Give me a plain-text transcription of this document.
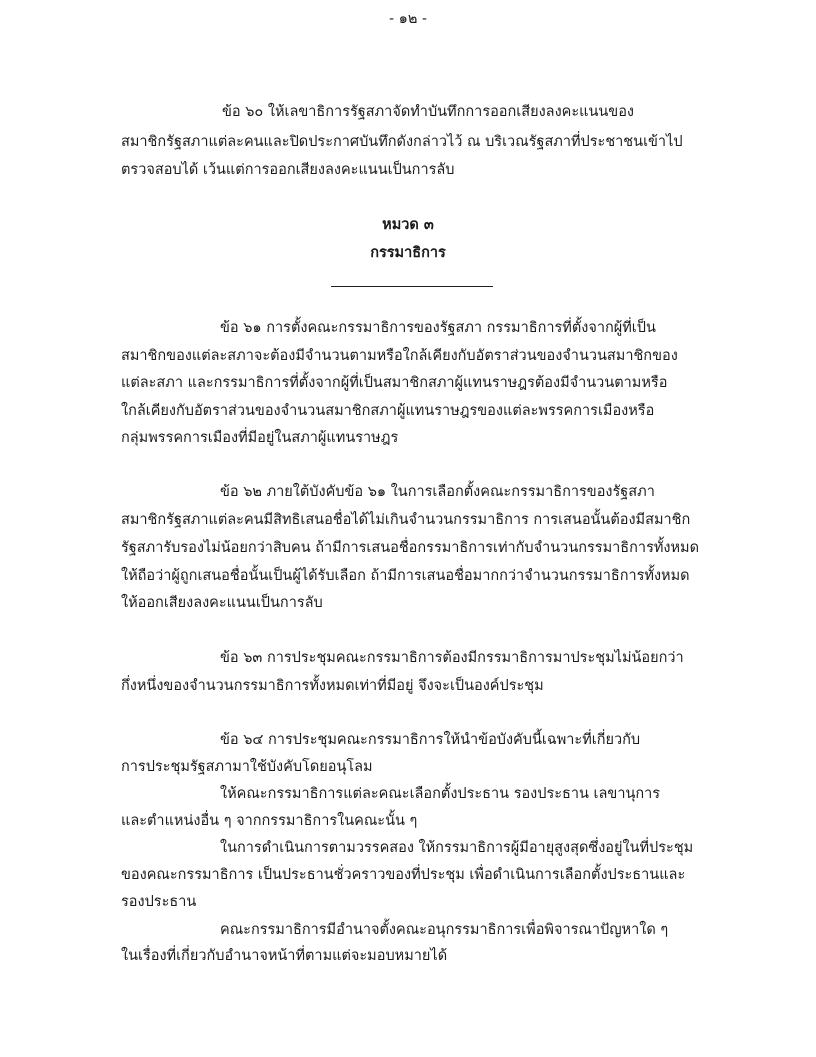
- ๑๒ -
ข้อ ๖๐ ให้เลขาธิการรัฐสภาจัดทำบันทึกการออกเสียงลงคะแนนของ
สมาชิกรัฐสภาแต่ละคนและปิดประกาศบันทึกดังกล่าวไว้ ณ บริเวณรัฐสภาที่ประชาชนเข้าไป
ตรวจสอบได้ เว้นแต่การออกเสียงลงคะแนนเป็นการลับ
หมวด ๓
กรรมาธิการ
ข้อ ๖๑ การตั้งคณะกรรมาธิการของรัฐสภา กรรมาธิการที่ตั้งจากผู้ที่เป็น
สมาชิกของแต่ละสภาจะต้องมีจำนวนตามหรือใกล้เคียงกับอัตราส่วนของจำนวนสมาชิกของ
แต่ละสภา และกรรมาธิการที่ตั้งจากผู้ที่เป็นสมาชิกสภาผู้แทนราษฎรต้องมีจำนวนตามหรือ
ใกล้เคียงกับอัตราส่วนของจำนวนสมาชิกสภาผู้แทนราษฎรของแต่ละพรรคการเมืองหรือ
กลุ่มพรรคการเมืองที่มีอยู่ในสภาผู้แทนราษฎร
ข้อ ๖๒ ภายใต้บังคับข้อ ๖๑ ในการเลือกตั้งคณะกรรมาธิการของรัฐสภา
สมาชิกรัฐสภาแต่ละคนมีสิทธิเสนอชื่อได้ไม่เกินจำนวนกรรมาธิการ การเสนอนั้นต้องมีสมาชิก
รัฐสภารับรองไม่น้อยกว่าสิบคน ถ้ามีการเสนอชื่อกรรมาธิการเท่ากับจำนวนกรรมาธิการทั้งหมด
ให้ถือว่าผู้ถูกเสนอชื่อนั้นเป็นผู้ได้รับเลือก ถ้ามีการเสนอชื่อมากกว่าจำนวนกรรมาธิการทั้งหมด
ให้ออกเสียงลงคะแนนเป็นการลับ
ข้อ ๖๓ การประชุมคณะกรรมาธิการต้องมีกรรมาธิการมาประชุมไม่น้อยกว่า
กึ่งหนึ่งของจำนวนกรรมาธิการทั้งหมดเท่าที่มีอยู่ จึงจะเป็นองค์ประชุม
ข้อ ๖๔ การประชุมคณะกรรมาธิการให้นำข้อบังคับนี้เฉพาะที่เกี่ยวกับ
การประชุมรัฐสภามาใช้บังคับโดยอนุโลม
ให้คณะกรรมาธิการแต่ละคณะเลือกตั้งประธาน รองประธาน เลขานุการ
และตำแหน่งอื่น ๆ จากกรรมาธิการในคณะนั้น ๆ
ในการดำเนินการตามวรรคสอง ให้กรรมาธิการผู้มีอายุสูงสุดซึ่งอยู่ในที่ประชุม
ของคณะกรรมาธิการ เป็นประธานชั่วคราวของที่ประชุม เพื่อดำเนินการเลือกตั้งประธานและ
รองประธาน
คณะกรรมาธิการมีอำนาจตั้งคณะอนุกรรมาธิการเพื่อพิจารณาปัญหาใด ๆ
ในเรื่องที่เกี่ยวกับอำนาจหน้าที่ตามแต่จะมอบหมายได้
